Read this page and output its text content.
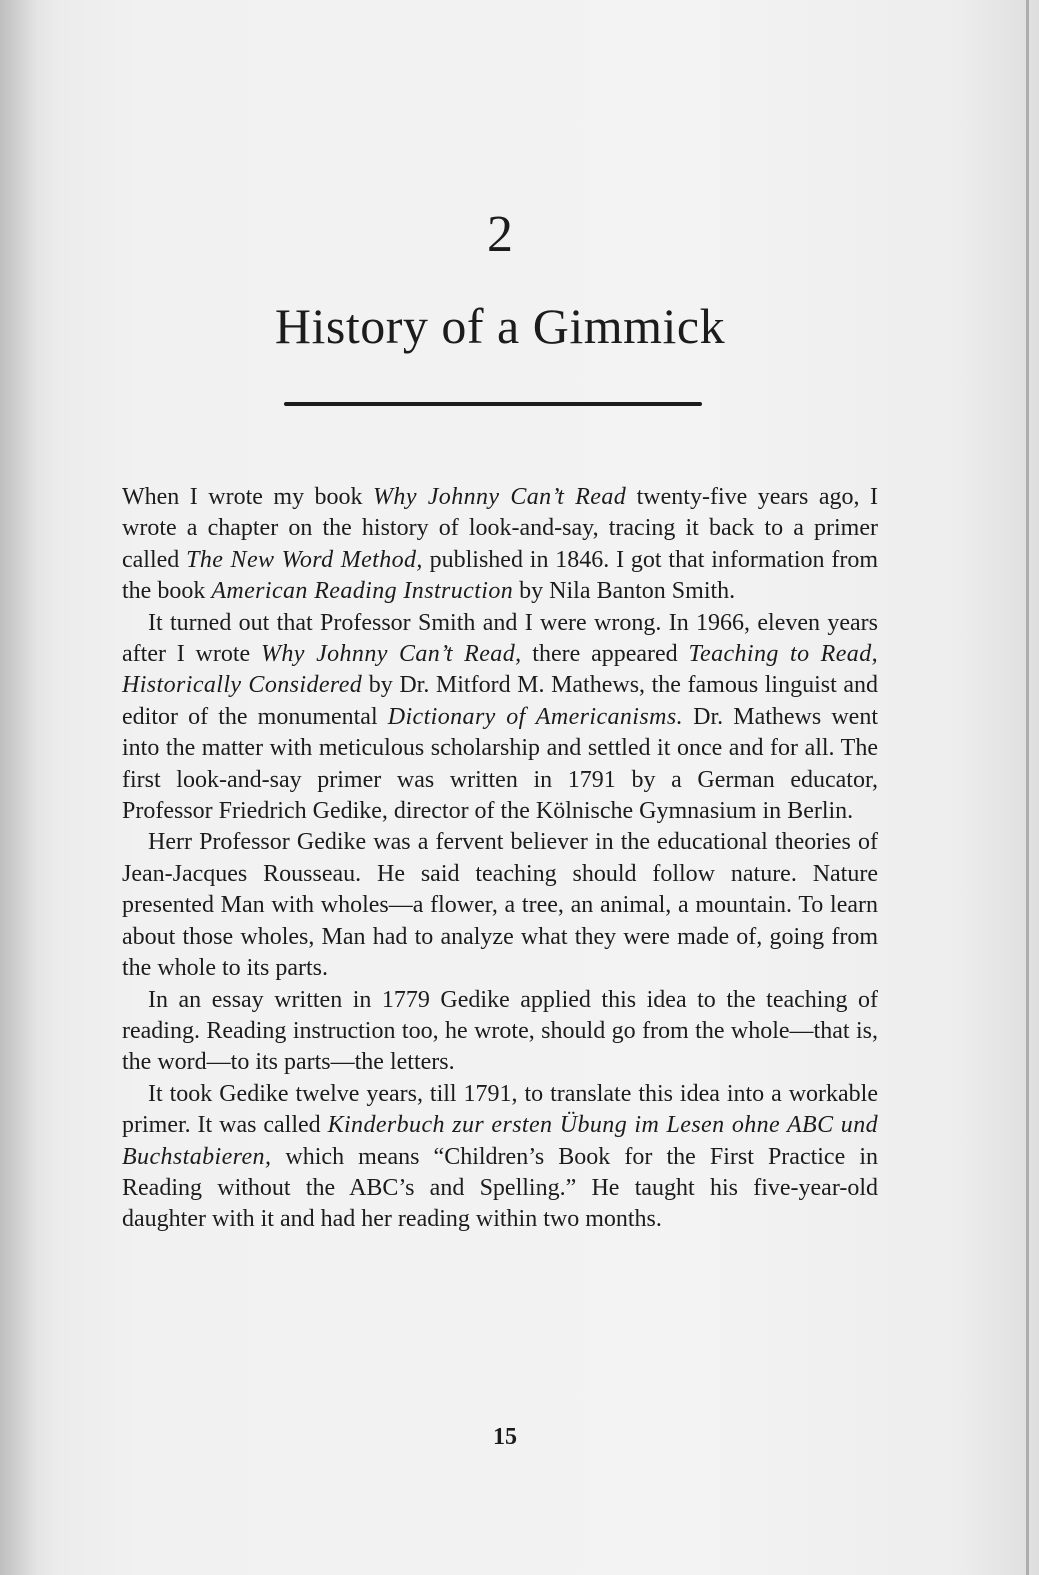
2
History of a Gimmick

When I wrote my book Why Johnny Can’t Read twenty-five years ago, I wrote a chapter on the history of look-and-say, tracing it back to a primer called The New Word Method, published in 1846. I got that information from the book American Reading Instruction by Nila Banton Smith.

It turned out that Professor Smith and I were wrong. In 1966, eleven years after I wrote Why Johnny Can’t Read, there appeared Teaching to Read, Historically Considered by Dr. Mitford M. Mathews, the famous linguist and editor of the monumental Dictionary of Americanisms. Dr. Mathews went into the matter with meticulous scholarship and settled it once and for all. The first look-and-say primer was written in 1791 by a German educator, Professor Friedrich Gedike, director of the Kölnische Gymnasium in Berlin.

Herr Professor Gedike was a fervent believer in the educational theories of Jean-Jacques Rousseau. He said teaching should follow nature. Nature presented Man with wholes—a flower, a tree, an animal, a mountain. To learn about those wholes, Man had to analyze what they were made of, going from the whole to its parts.

In an essay written in 1779 Gedike applied this idea to the teaching of reading. Reading instruction too, he wrote, should go from the whole—that is, the word—to its parts—the letters.

It took Gedike twelve years, till 1791, to translate this idea into a workable primer. It was called Kinderbuch zur ersten Übung im Lesen ohne ABC und Buchstabieren, which means “Children’s Book for the First Practice in Reading without the ABC’s and Spelling.” He taught his five-year-old daughter with it and had her reading within two months.

15
